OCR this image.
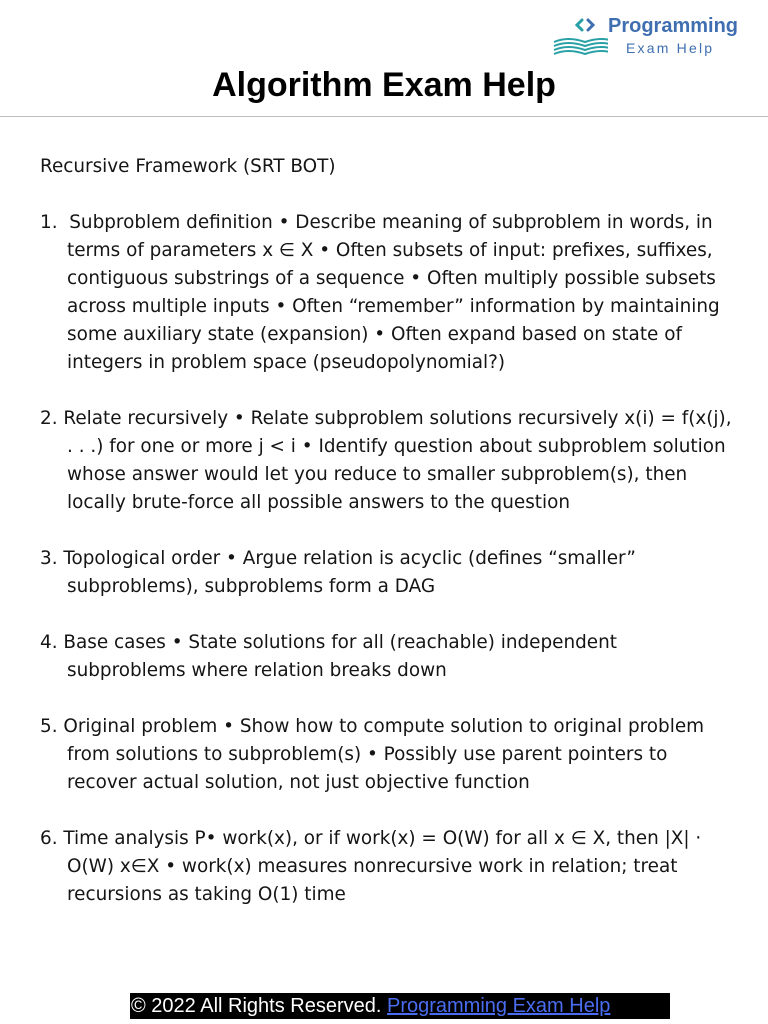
Programming
Exam Help
Algorithm Exam Help

Recursive Framework (SRT BOT)

1.  Subproblem definition • Describe meaning of subproblem in words, in terms of parameters x ∈ X • Often subsets of input: prefixes, suffixes, contiguous substrings of a sequence • Often multiply possible subsets across multiple inputs • Often “remember” information by maintaining some auxiliary state (expansion) • Often expand based on state of integers in problem space (pseudopolynomial?)

2. Relate recursively • Relate subproblem solutions recursively x(i) = f(x(j), . . .) for one or more j < i • Identify question about subproblem solution whose answer would let you reduce to smaller subproblem(s), then locally brute-force all possible answers to the question

3. Topological order • Argue relation is acyclic (defines “smaller” subproblems), subproblems form a DAG

4. Base cases • State solutions for all (reachable) independent subproblems where relation breaks down

5. Original problem • Show how to compute solution to original problem from solutions to subproblem(s) • Possibly use parent pointers to recover actual solution, not just objective function

6. Time analysis P• work(x), or if work(x) = O(W) for all x ∈ X, then |X| · O(W) x∈X • work(x) measures nonrecursive work in relation; treat recursions as taking O(1) time

© 2022 All Rights Reserved. Programming Exam Help
